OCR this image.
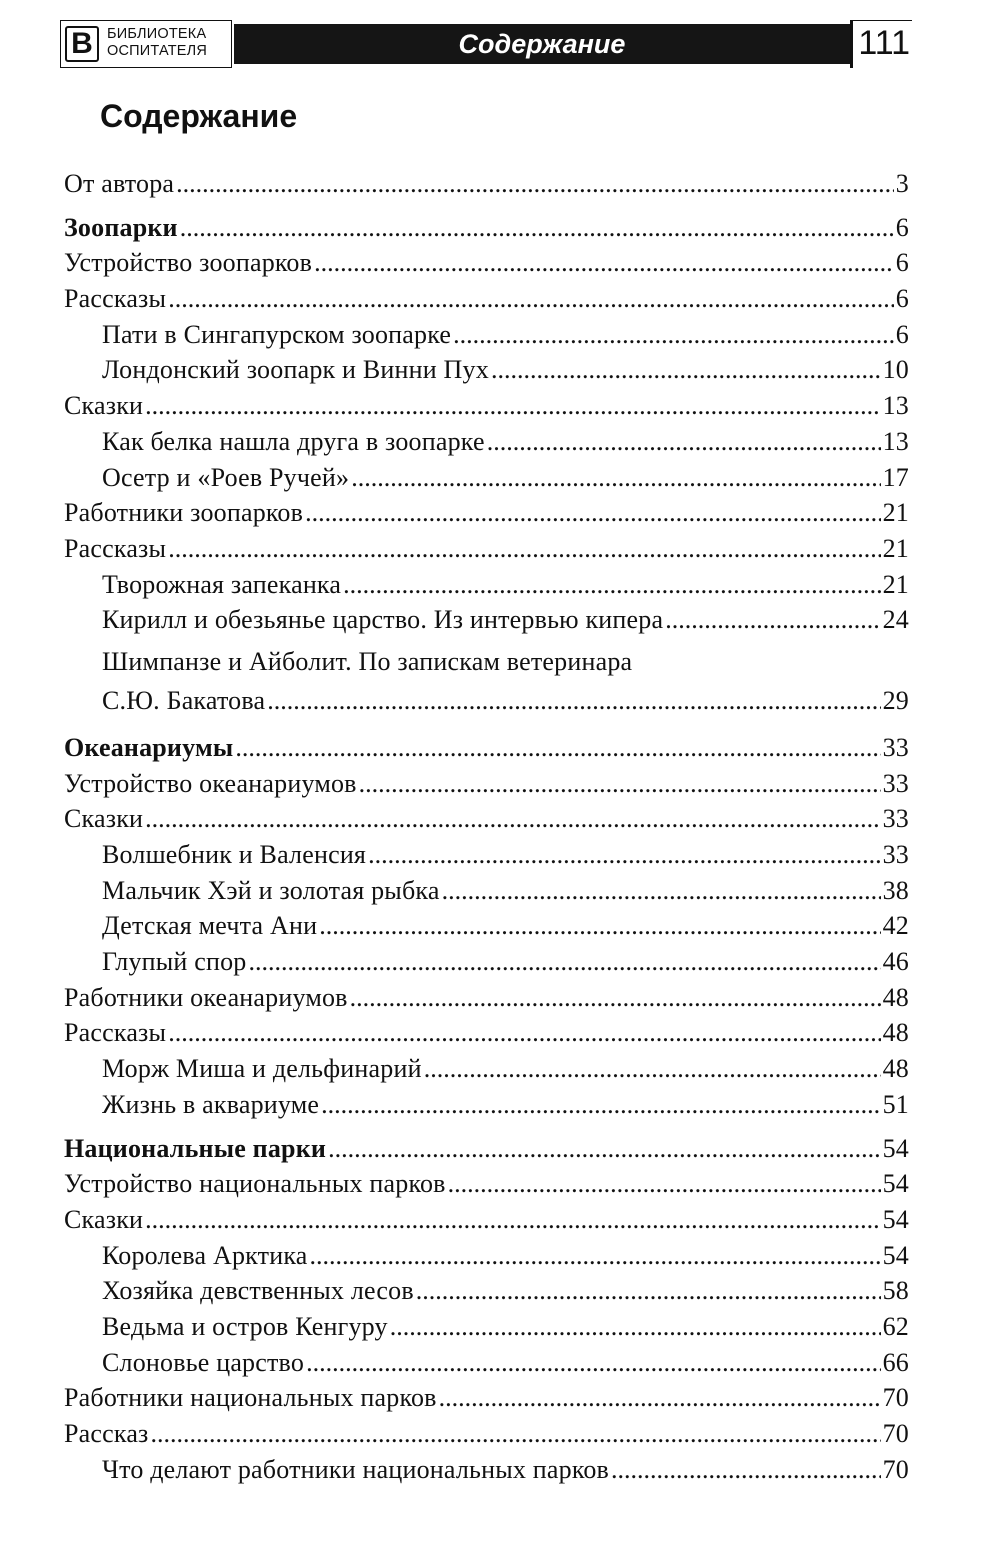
В БИБЛИОТЕКА
ОСПИТАТЕЛЯ	Содержание	111
Содержание
От автора .....	3
Зоопарки .....	6
Устройство зоопарков .....	6
Рассказы .....	6
Пати в Сингапурском зоопарке .....	6
Лондонский зоопарк и Винни Пух .....	10
Сказки .....	13
Как белка нашла друга в зоопарке .....	13
Осетр и «Роев Ручей» .....	17
Работники зоопарков .....	21
Рассказы .....	21
Творожная запеканка .....	21
Кирилл и обезьянье царство. Из интервью кипера .....	24
Шимпанзе и Айболит. По запискам ветеринара
С.Ю. Бакатова .....	29
Океанариумы .....	33
Устройство океанариумов .....	33
Сказки .....	33
Волшебник и Валенсия .....	33
Мальчик Хэй и золотая рыбка .....	38
Детская мечта Ани .....	42
Глупый спор .....	46
Работники океанариумов .....	48
Рассказы .....	48
Морж Миша и дельфинарий .....	48
Жизнь в аквариуме .....	51
Национальные парки .....	54
Устройство национальных парков .....	54
Сказки .....	54
Королева Арктика .....	54
Хозяйка девственных лесов .....	58
Ведьма и остров Кенгуру .....	62
Слоновье царство .....	66
Работники национальных парков .....	70
Рассказ .....	70
Что делают работники национальных парков .....	70
